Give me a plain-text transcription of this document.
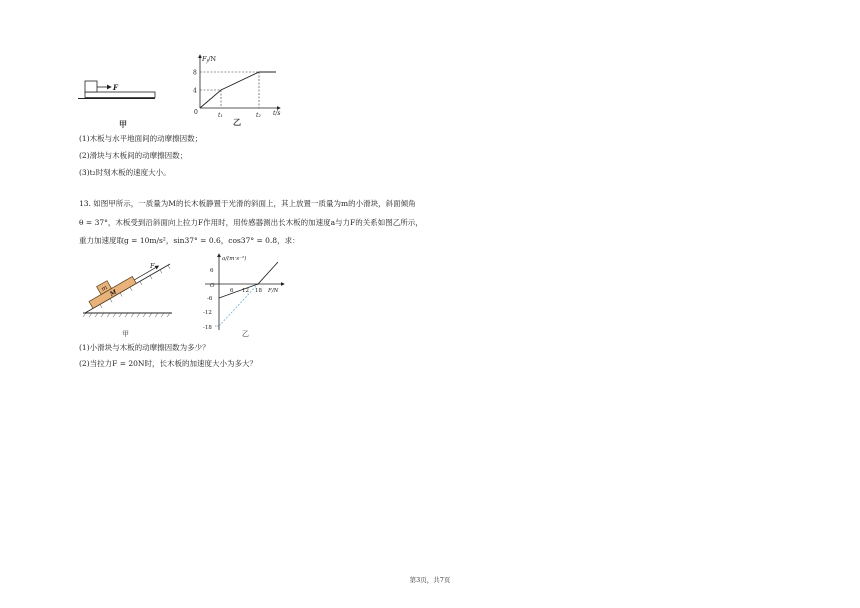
F
甲
$F_f/N$
8
4
0	t₁	t₂ t/s
乙
(1)木板与水平地面间的动摩擦因数；
(2)滑块与木板间的动摩擦因数；
(3)t₂时刻木板的速度大小。
13. 如图甲所示，一质量为M的长木板静置于光滑的斜面上，其上放置一质量为m的小滑块，斜面倾角
θ = 37°，木板受到沿斜面向上拉力F作用时，用传感器测出长木板的加速度a与力F的关系如图乙所示，
重力加速度取g = 10m/s²，sin37° = 0.6，cos37° = 0.8，求：
m M
F
甲
a/(m·s⁻²)
6
O
-6
-12
-18
6 12 18 F/N
乙
(1)小滑块与木板的动摩擦因数为多少？
(2)当拉力F = 20N时，长木板的加速度大小为多大？
第3页，共7页
